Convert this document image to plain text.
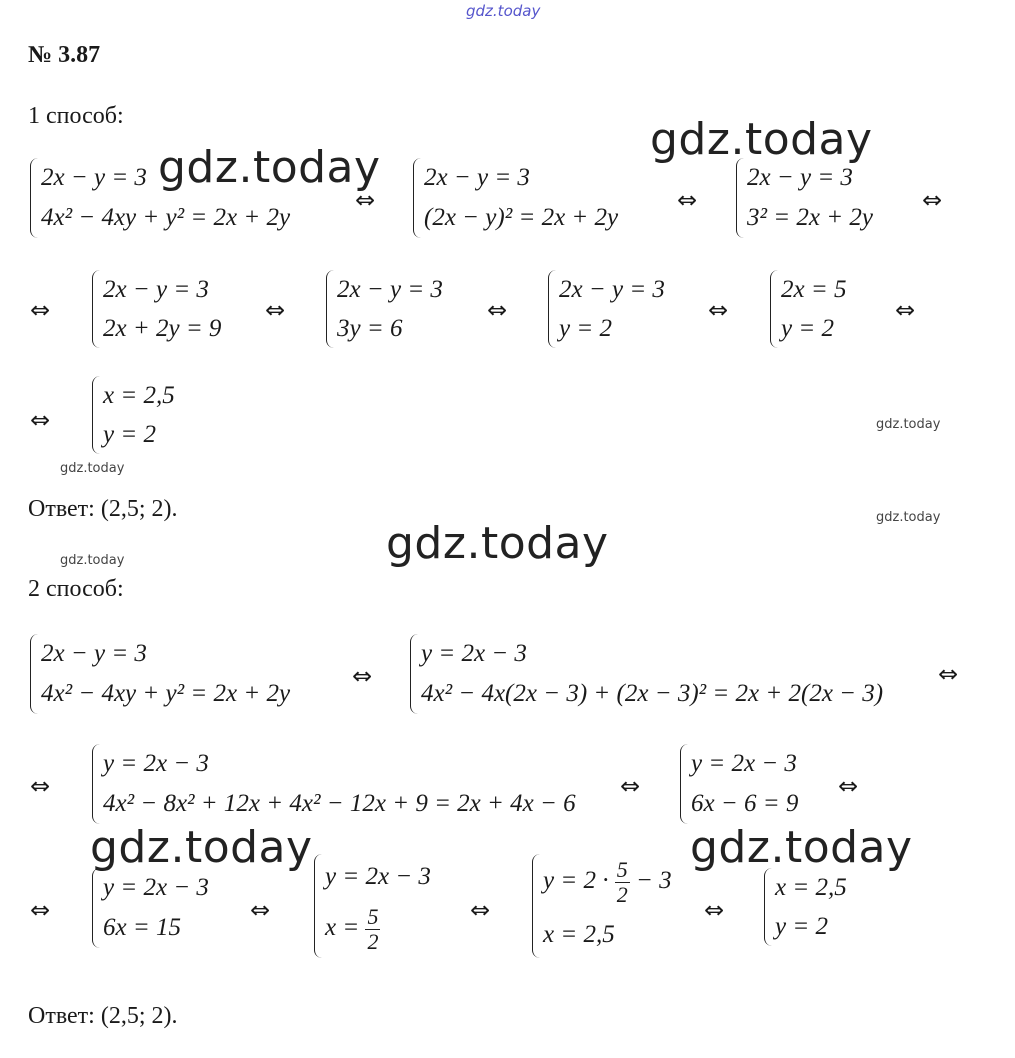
gdz.today
gdz.today
gdz.today
gdz.today
gdz.today	gdz.today
gdz.today
gdz.today
gdz.today
gdz.today
№ 3.87
1 способ:
2x − y = 3
4x² − 4xy + y² = 2x + 2y
⇔
2x − y = 3
(2x − y)² = 2x + 2y
⇔
2x − y = 3
3² = 2x + 2y
⇔
⇔
2x − y = 3
2x + 2y = 9
⇔
2x − y = 3
3y = 6
⇔
2x − y = 3
y = 2
⇔
2x = 5
y = 2
⇔
⇔
x = 2,5
y = 2
Ответ: (2,5; 2).
2 способ:
2x − y = 3
4x² − 4xy + y² = 2x + 2y
⇔
y = 2x − 3
4x² − 4x(2x − 3) + (2x − 3)² = 2x + 2(2x − 3)
⇔
⇔
y = 2x − 3
4x² − 8x² + 12x + 4x² − 12x + 9 = 2x + 4x − 6
⇔
y = 2x − 3
6x − 6 = 9
⇔
⇔
y = 2x − 3
6x = 15
⇔
y = 2x − 3
$x = \frac{5}{2}$	⇔
$y = 2 \cdot \frac{5}{2} - 3$
x = 2,5
⇔
x = 2,5
y = 2
Ответ: (2,5; 2).
